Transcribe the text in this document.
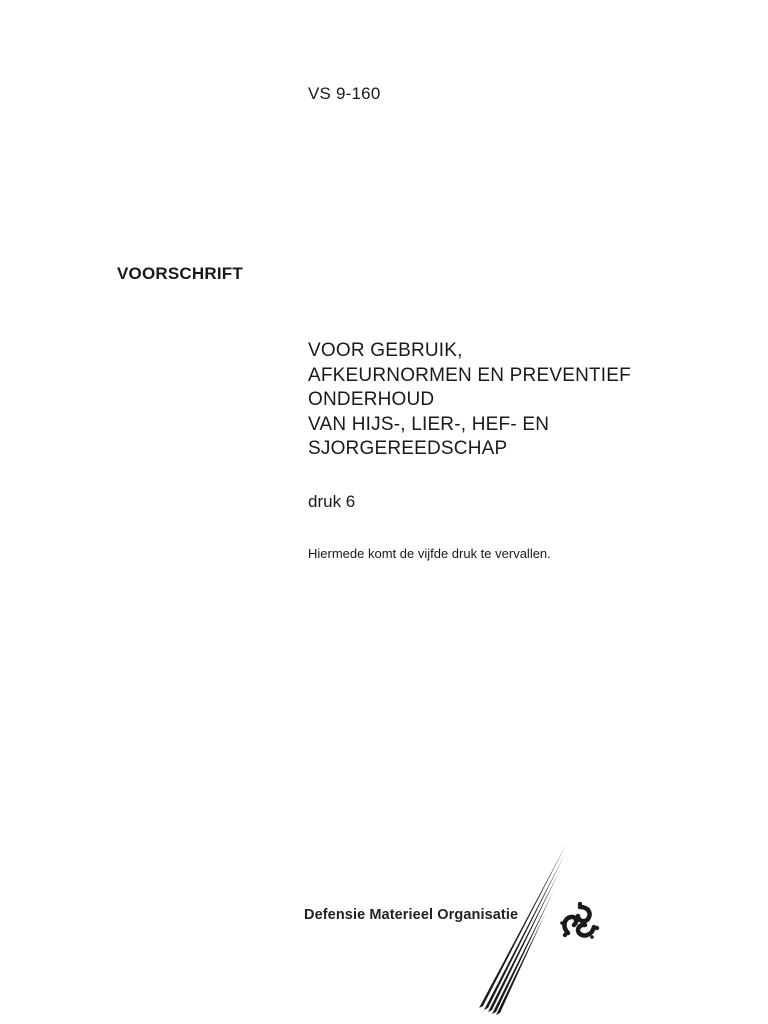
VS 9-160
VOORSCHRIFT
VOOR GEBRUIK,
AFKEURNORMEN EN PREVENTIEF
ONDERHOUD
VAN HIJS-, LIER-, HEF- EN
SJORGEREEDSCHAP
druk 6
Hiermede komt de vijfde druk te vervallen.
Defensie Materieel Organisatie
